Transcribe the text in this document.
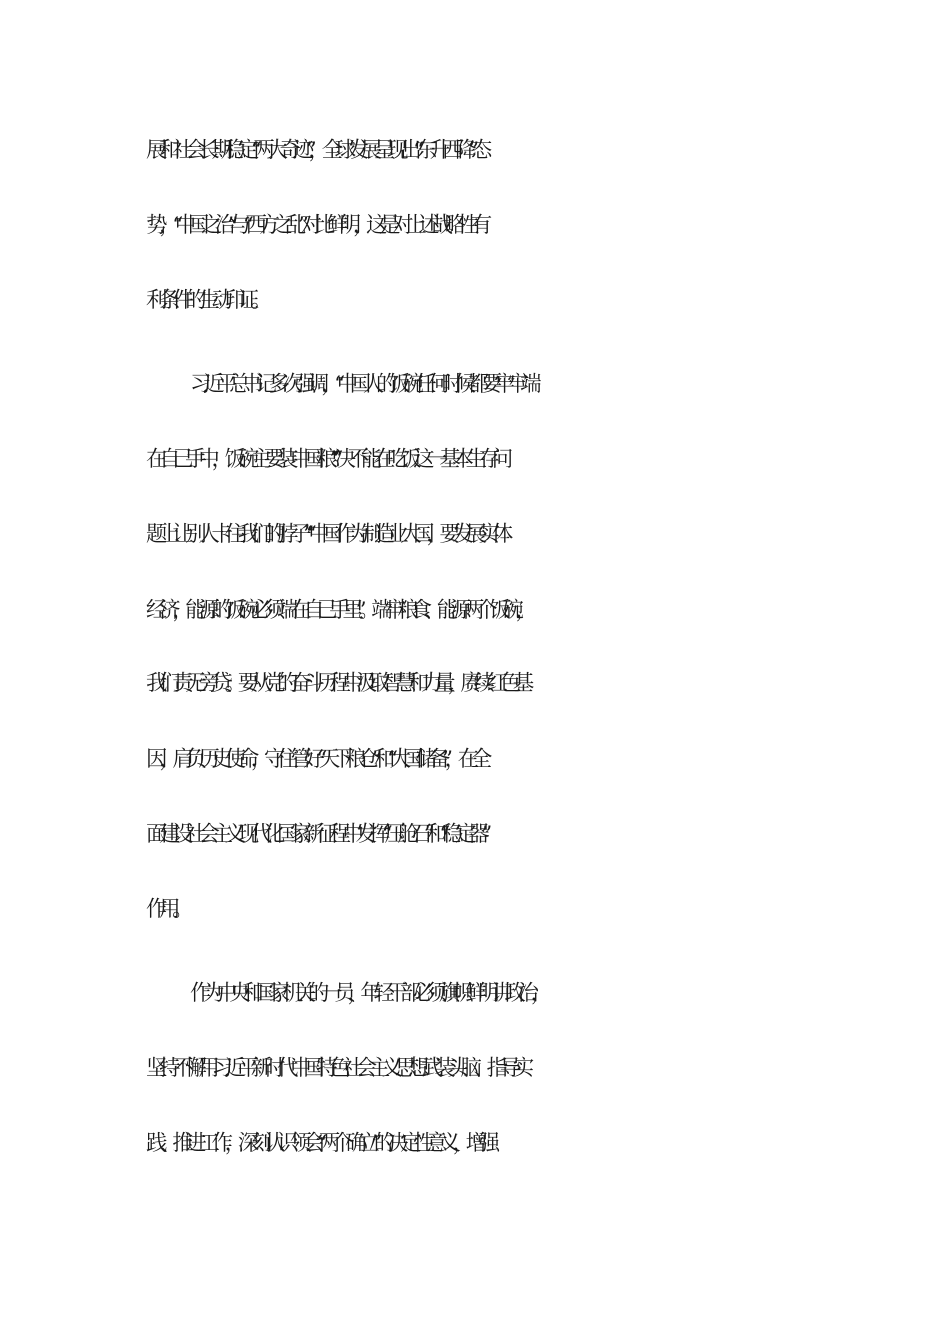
展和社会长期稳定“两大奇迹”，全球发展呈现出“东升西降”态
势，“中国之治”与“西方之乱”对比鲜明，这是对上述战略性有
利条件的生动印证。
习近平总书记多次强调，“中国人的饭碗任何时候都要牢牢端
在自己手中，饭碗主要装中国粮”“决不能在吃饭这一基本生存问
题上让别人卡住我们的脖子”“中国作为制造业大国，要发展实体
经济，能源的饭碗必须端在自己手里”。端牢粮食、能源两个饭碗，
我们责无旁贷。要从党的奋斗历程中汲取智慧和力量，赓续红色基
因，肩负历史使命，守住管好“天下粮仓”和“大国储备”，在全
面建设社会主义现代化国家新征程中发挥“压舱石”和“稳定器”
作用。
作为中央和国家机关的一员，年轻干部必须旗帜鲜明讲政治，
坚持不懈用习近平新时代中国特色社会主义思想武装头脑、指导实
践、推进工作，深刻认识领会“两个确立”的决定性意义，增强
